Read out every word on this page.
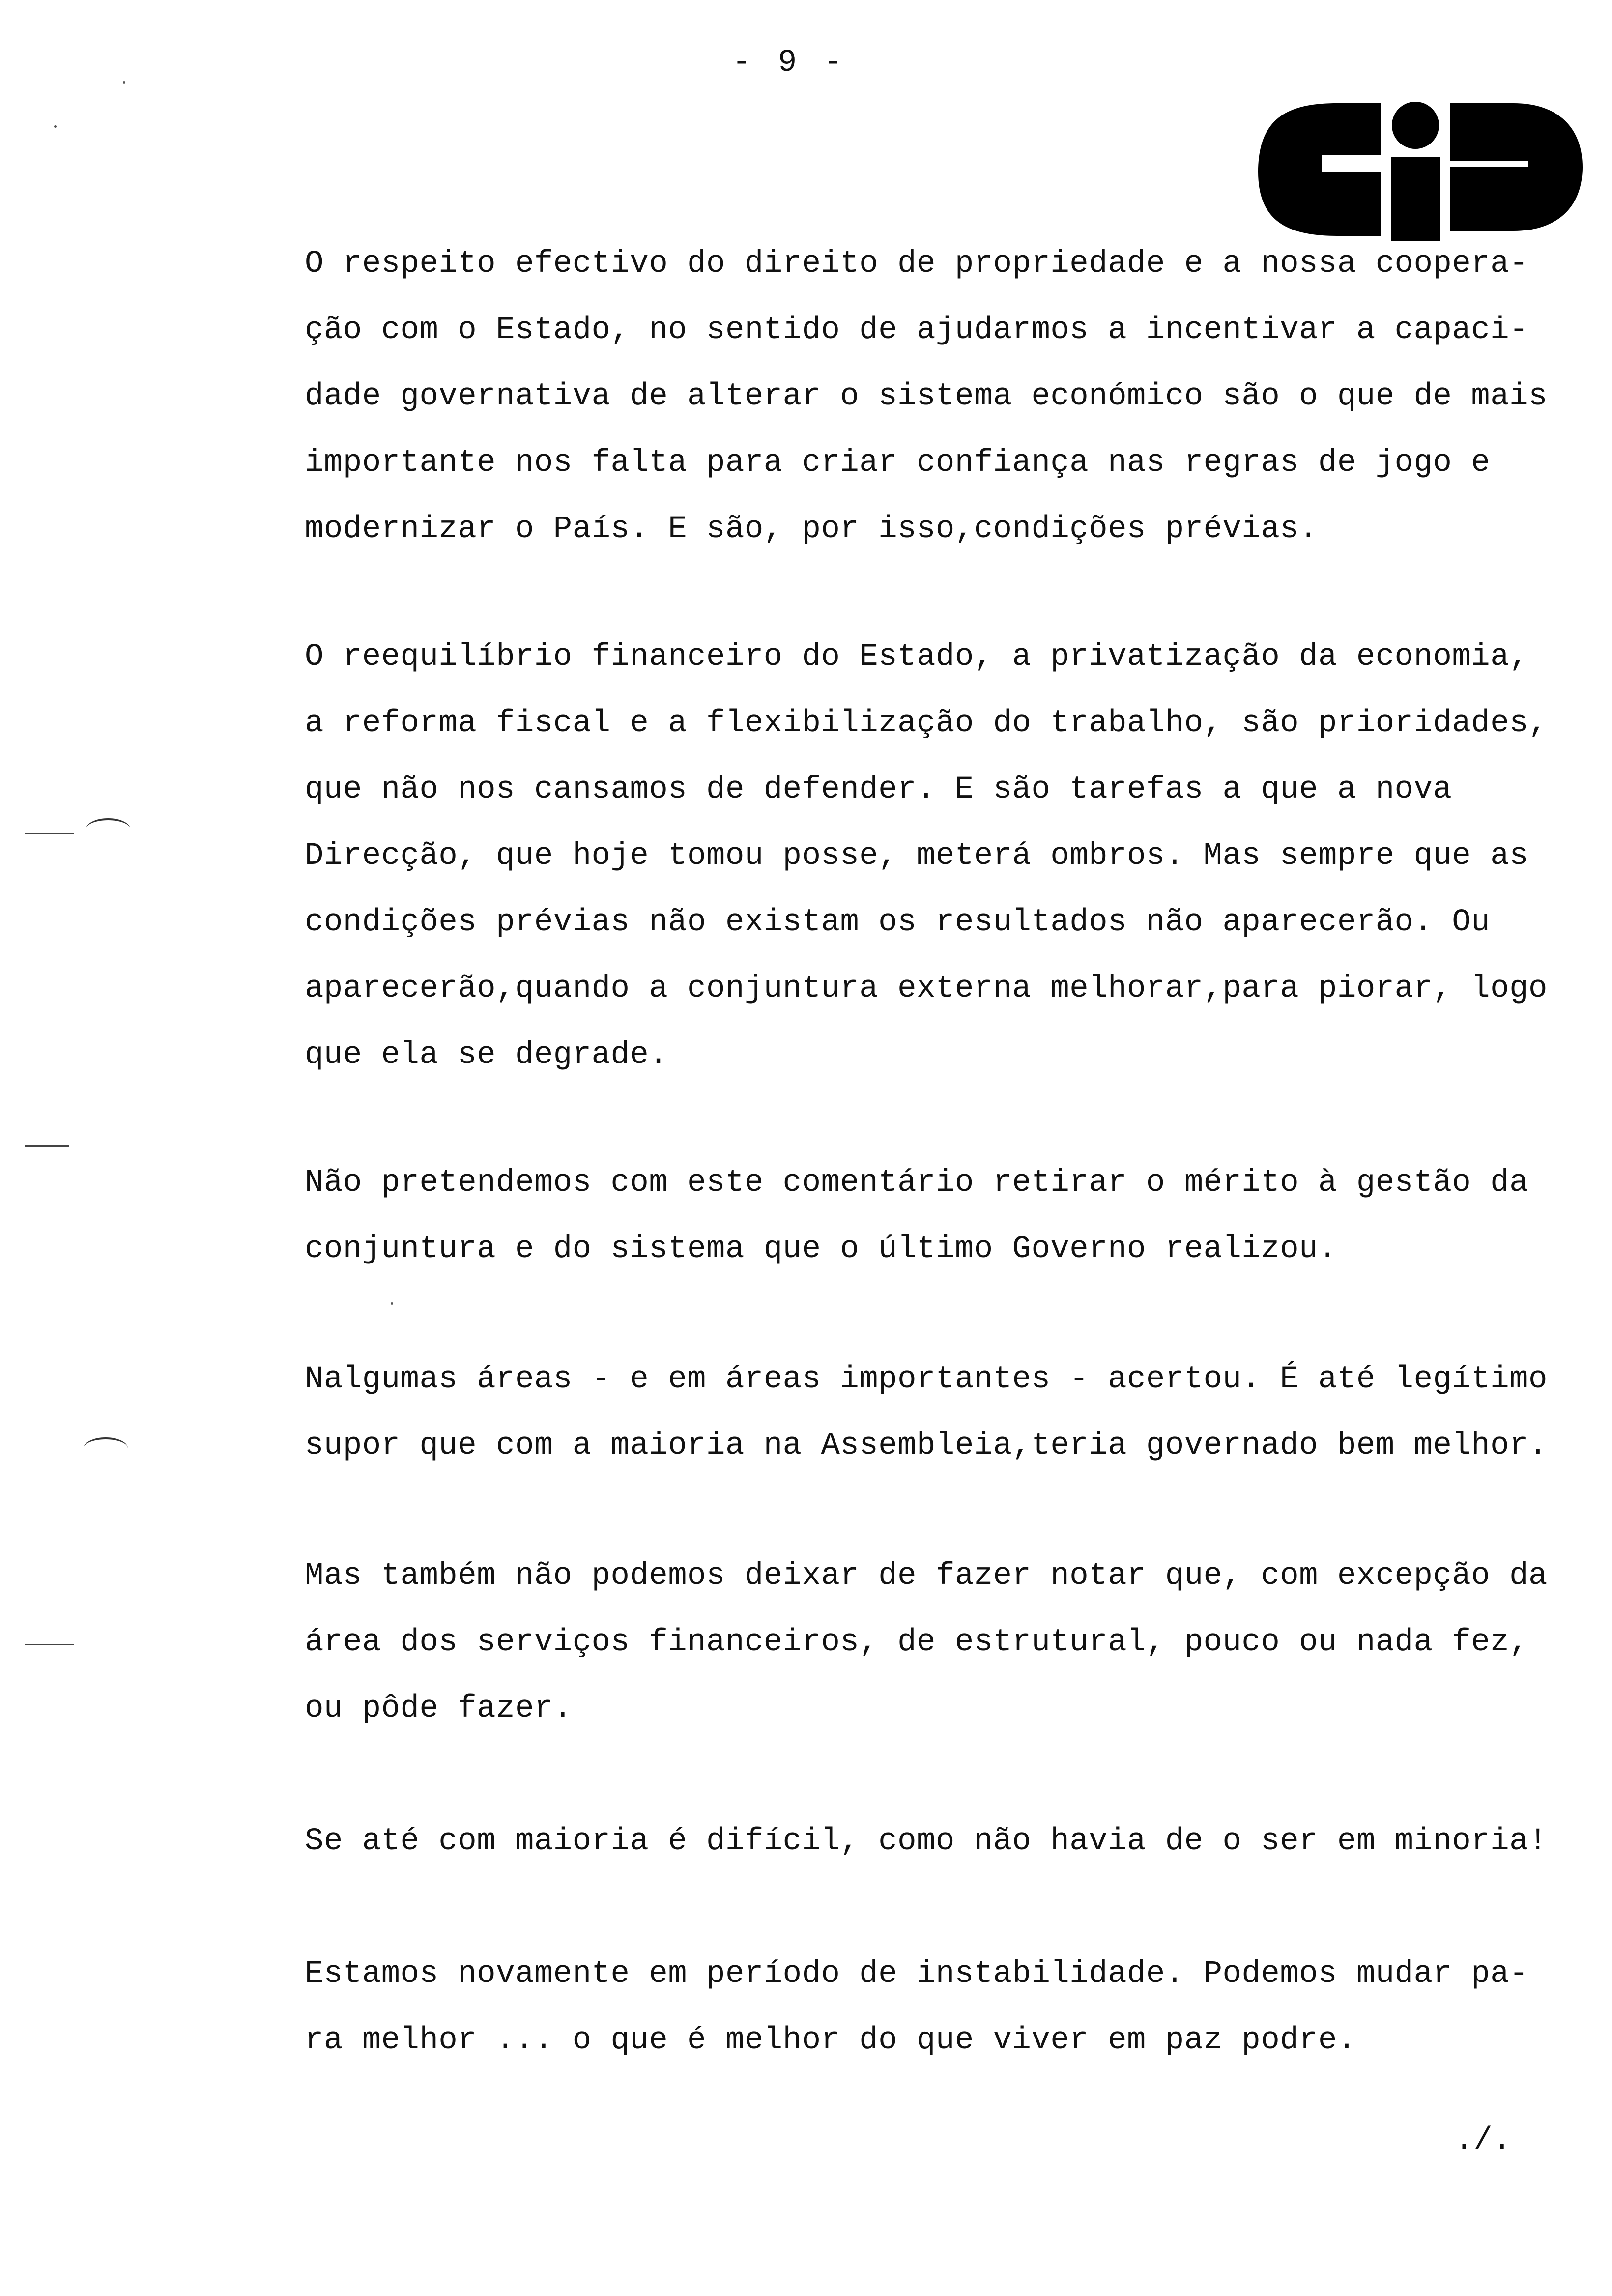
- 9 -

O respeito efectivo do direito de propriedade e a nossa coopera-
ção com o Estado, no sentido de ajudarmos a incentivar a capaci-
dade governativa de alterar o sistema económico são o que de mais
importante nos falta para criar confiança nas regras de jogo e
modernizar o País. E são, por isso,condições prévias.

O reequilíbrio financeiro do Estado, a privatização da economia,
a reforma fiscal e a flexibilização do trabalho, são prioridades,
que não nos cansamos de defender. E são tarefas a que a nova
Direcção, que hoje tomou posse, meterá ombros. Mas sempre que as
condições prévias não existam os resultados não aparecerão. Ou
aparecerão,quando a conjuntura externa melhorar,para piorar, logo
que ela se degrade.

Não pretendemos com este comentário retirar o mérito à gestão da
conjuntura e do sistema que o último Governo realizou.

Nalgumas áreas - e em áreas importantes - acertou. É até legítimo
supor que com a maioria na Assembleia,teria governado bem melhor.

Mas também não podemos deixar de fazer notar que, com excepção da
área dos serviços financeiros, de estrutural, pouco ou nada fez,
ou pôde fazer.

Se até com maioria é difícil, como não havia de o ser em minoria!

Estamos novamente em período de instabilidade. Podemos mudar pa-
ra melhor ... o que é melhor do que viver em paz podre.

./.
